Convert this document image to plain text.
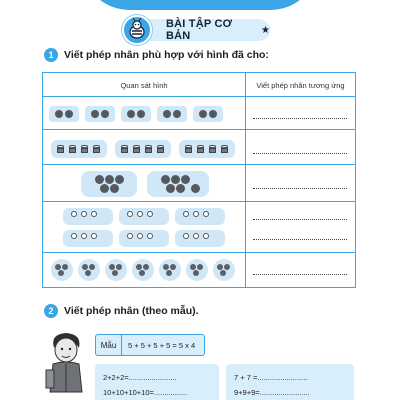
BÀI TẬP CƠ BẢN	★
1	Viết phép nhân phù hợp với hình đã cho:
Quan sát hình	Viết phép nhân tương ứng
2	Viết phép nhân (theo mẫu).
Mẫu	5 + 5 + 5 + 5 = 5 x 4
2+2+2=.......................
10+10+10+10=................
7 + 7 =........................
9+9+9=........................
